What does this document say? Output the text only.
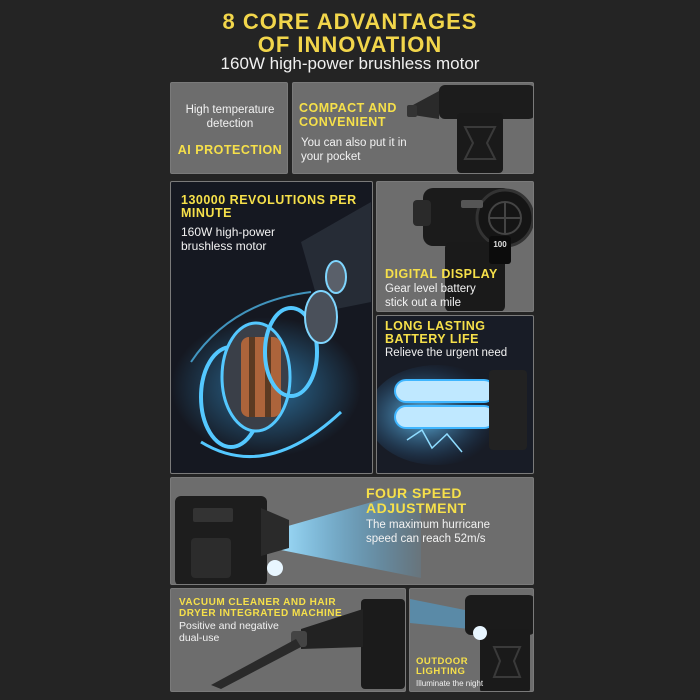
8 CORE ADVANTAGES
OF INNOVATION
160W high-power brushless motor
High temperature detection
AI PROTECTION
COMPACT AND CONVENIENT
You can also put it in your pocket
130000 REVOLUTIONS PER MINUTE
160W high-power brushless motor	100
DIGITAL DISPLAY
Gear level battery stick out a mile
LONG LASTING BATTERY LIFE
Relieve the urgent need
FOUR SPEED ADJUSTMENT
The maximum hurricane speed can reach 52m/s
VACUUM CLEANER AND HAIR DRYER INTEGRATED MACHINE
Positive and negative dual-use
OUTDOOR LIGHTING
Illuminate the night
